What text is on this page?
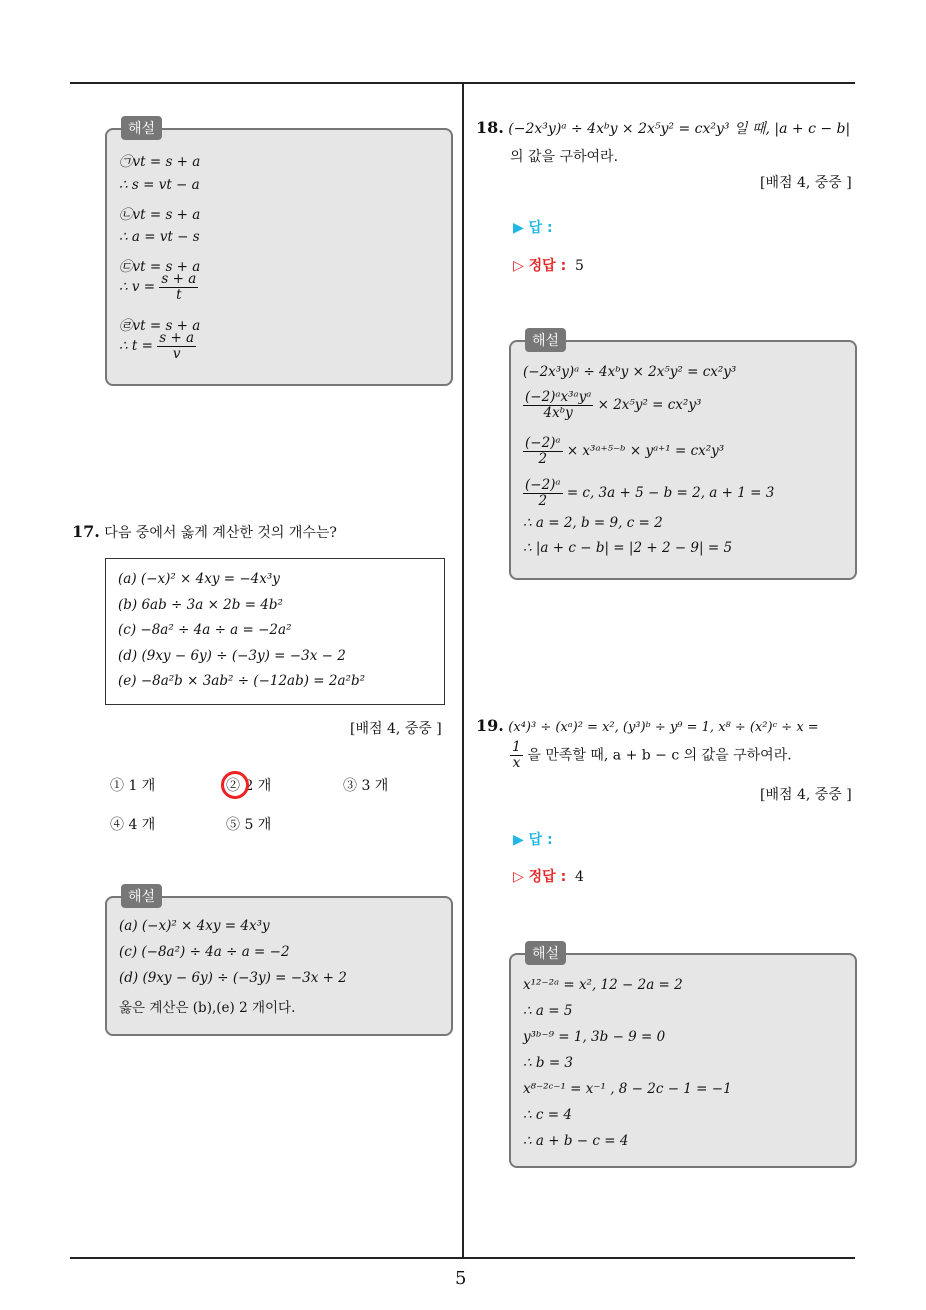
5
해설
㉠vt = s + a
∴ s = vt − a
㉡vt = s + a
∴ a = vt − s
㉢vt = s + a
∴ $v = \frac{s + a}{t}$
㉣vt = s + a
∴ $t = \frac{s + a}{v}$
17. 다음 중에서 옳게 계산한 것의 개수는?
(a) (−x)² × 4xy = −4x³y
(b) 6ab ÷ 3a × 2b = 4b²
(c) −8a² ÷ 4a ÷ a = −2a²
(d) (9xy − 6y) ÷ (−3y) = −3x − 2
(e) −8a²b × 3ab² ÷ (−12ab) = 2a²b²
[배점 4, 중중 ]
① 1 개	② 2 개	③ 3 개
④ 4 개	⑤ 5 개
해설
(a) (−x)² × 4xy = 4x³y
(c) (−8a²) ÷ 4a ÷ a = −2
(d) (9xy − 6y) ÷ (−3y) = −3x + 2
옳은 계산은 (b),(e) 2 개이다.
18. (−2x³y)ᵃ ÷ 4xᵇy × 2x⁵y² = cx²y³ 일 때, |a + c − b|
의 값을 구하여라.
[배점 4, 중중 ]
▶ 답 :
▷ 정답 : 5
해설
(−2x³y)ᵃ ÷ 4xᵇy × 2x⁵y² = cx²y³
$\frac{\text{(−2)ᵃx³ᵃyᵃ}}{\text{4xᵇy}} \times 2x^5y^2 = cx^2y^3$
$\frac{\text{(−2)ᵃ}}{2}$ × x³ᵃ⁺⁵⁻ᵇ × yᵃ⁺¹ = cx²y³
$\frac{\text{(−2)ᵃ}}{2} = c$, 3a + 5 − b = 2, a + 1 = 3
∴ a = 2, b = 9, c = 2
∴ |a + c − b| = |2 + 2 − 9| = 5
19. (x⁴)³ ÷ (xᵃ)² = x², (y³)ᵇ ÷ y⁹ = 1, x⁸ ÷ (x²)ᶜ ÷ x =
$\frac{1}{x}$ 을 만족할 때, a + b − c 의 값을 구하여라.
[배점 4, 중중 ]
▶ 답 :
▷ 정답 : 4
해설
x¹²⁻²ᵃ = x², 12 − 2a = 2
∴ a = 5
y³ᵇ⁻⁹ = 1, 3b − 9 = 0
∴ b = 3
x⁸⁻²ᶜ⁻¹ = x⁻¹ , 8 − 2c − 1 = −1
∴ c = 4
∴ a + b − c = 4
